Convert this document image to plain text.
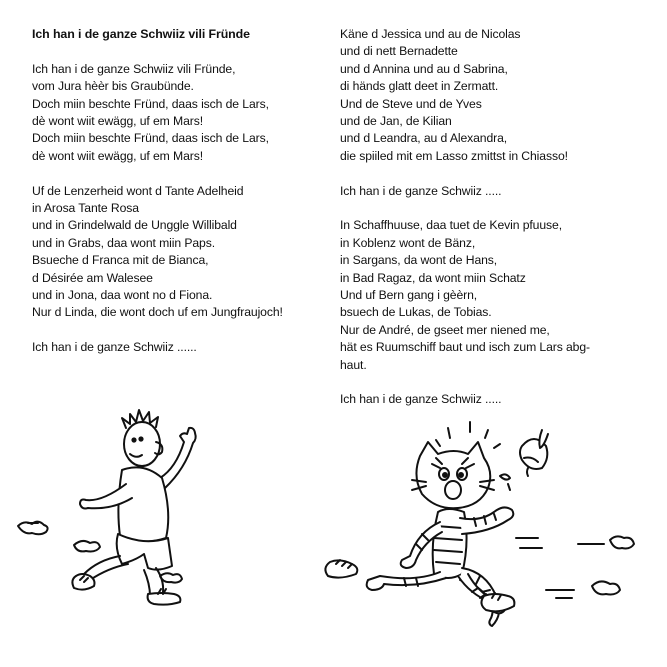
Ich han i de ganze Schwiiz vili Fründe
Ich han i de ganze Schwiiz vili Fründe,
vom Jura hèèr bis Graubünde.
Doch miin beschte Fründ, daas isch de Lars,
dè wont wiit ewägg, uf em Mars!
Doch miin beschte Fründ, daas isch de Lars,
dè wont wiit ewägg, uf em Mars!
Uf de Lenzerheid wont d Tante Adelheid
in Arosa Tante Rosa
und in Grindelwald de Unggle Willibald
und in Grabs, daa wont miin Paps.
Bsueche d Franca mit de Bianca,
d Désirée am Walesee
und in Jona, daa wont no d Fiona.
Nur d Linda, die wont doch uf em Jungfraujoch!
Ich han i de ganze Schwiiz ......
Käne d Jessica und au de Nicolas
und di nett Bernadette
und d Annina und au d Sabrina,
di händs glatt deet in Zermatt.
Und de Steve und de Yves
und de Jan, de Kilian
und d Leandra, au d Alexandra,
die spiiled mit em Lasso zmittst in Chiasso!
Ich han i de ganze Schwiiz .....
In Schaffhuuse, daa tuet de Kevin pfuuse,
in Koblenz wont de Bänz,
in Sargans, da wont de Hans,
in Bad Ragaz, da wont miin Schatz
Und uf Bern gang i gèèrn,
bsuech de Lukas, de Tobias.
Nur de André, de gseet mer niened me,
hät es Ruumschiff baut und isch zum Lars abg-
haut.
Ich han i de ganze Schwiiz .....
